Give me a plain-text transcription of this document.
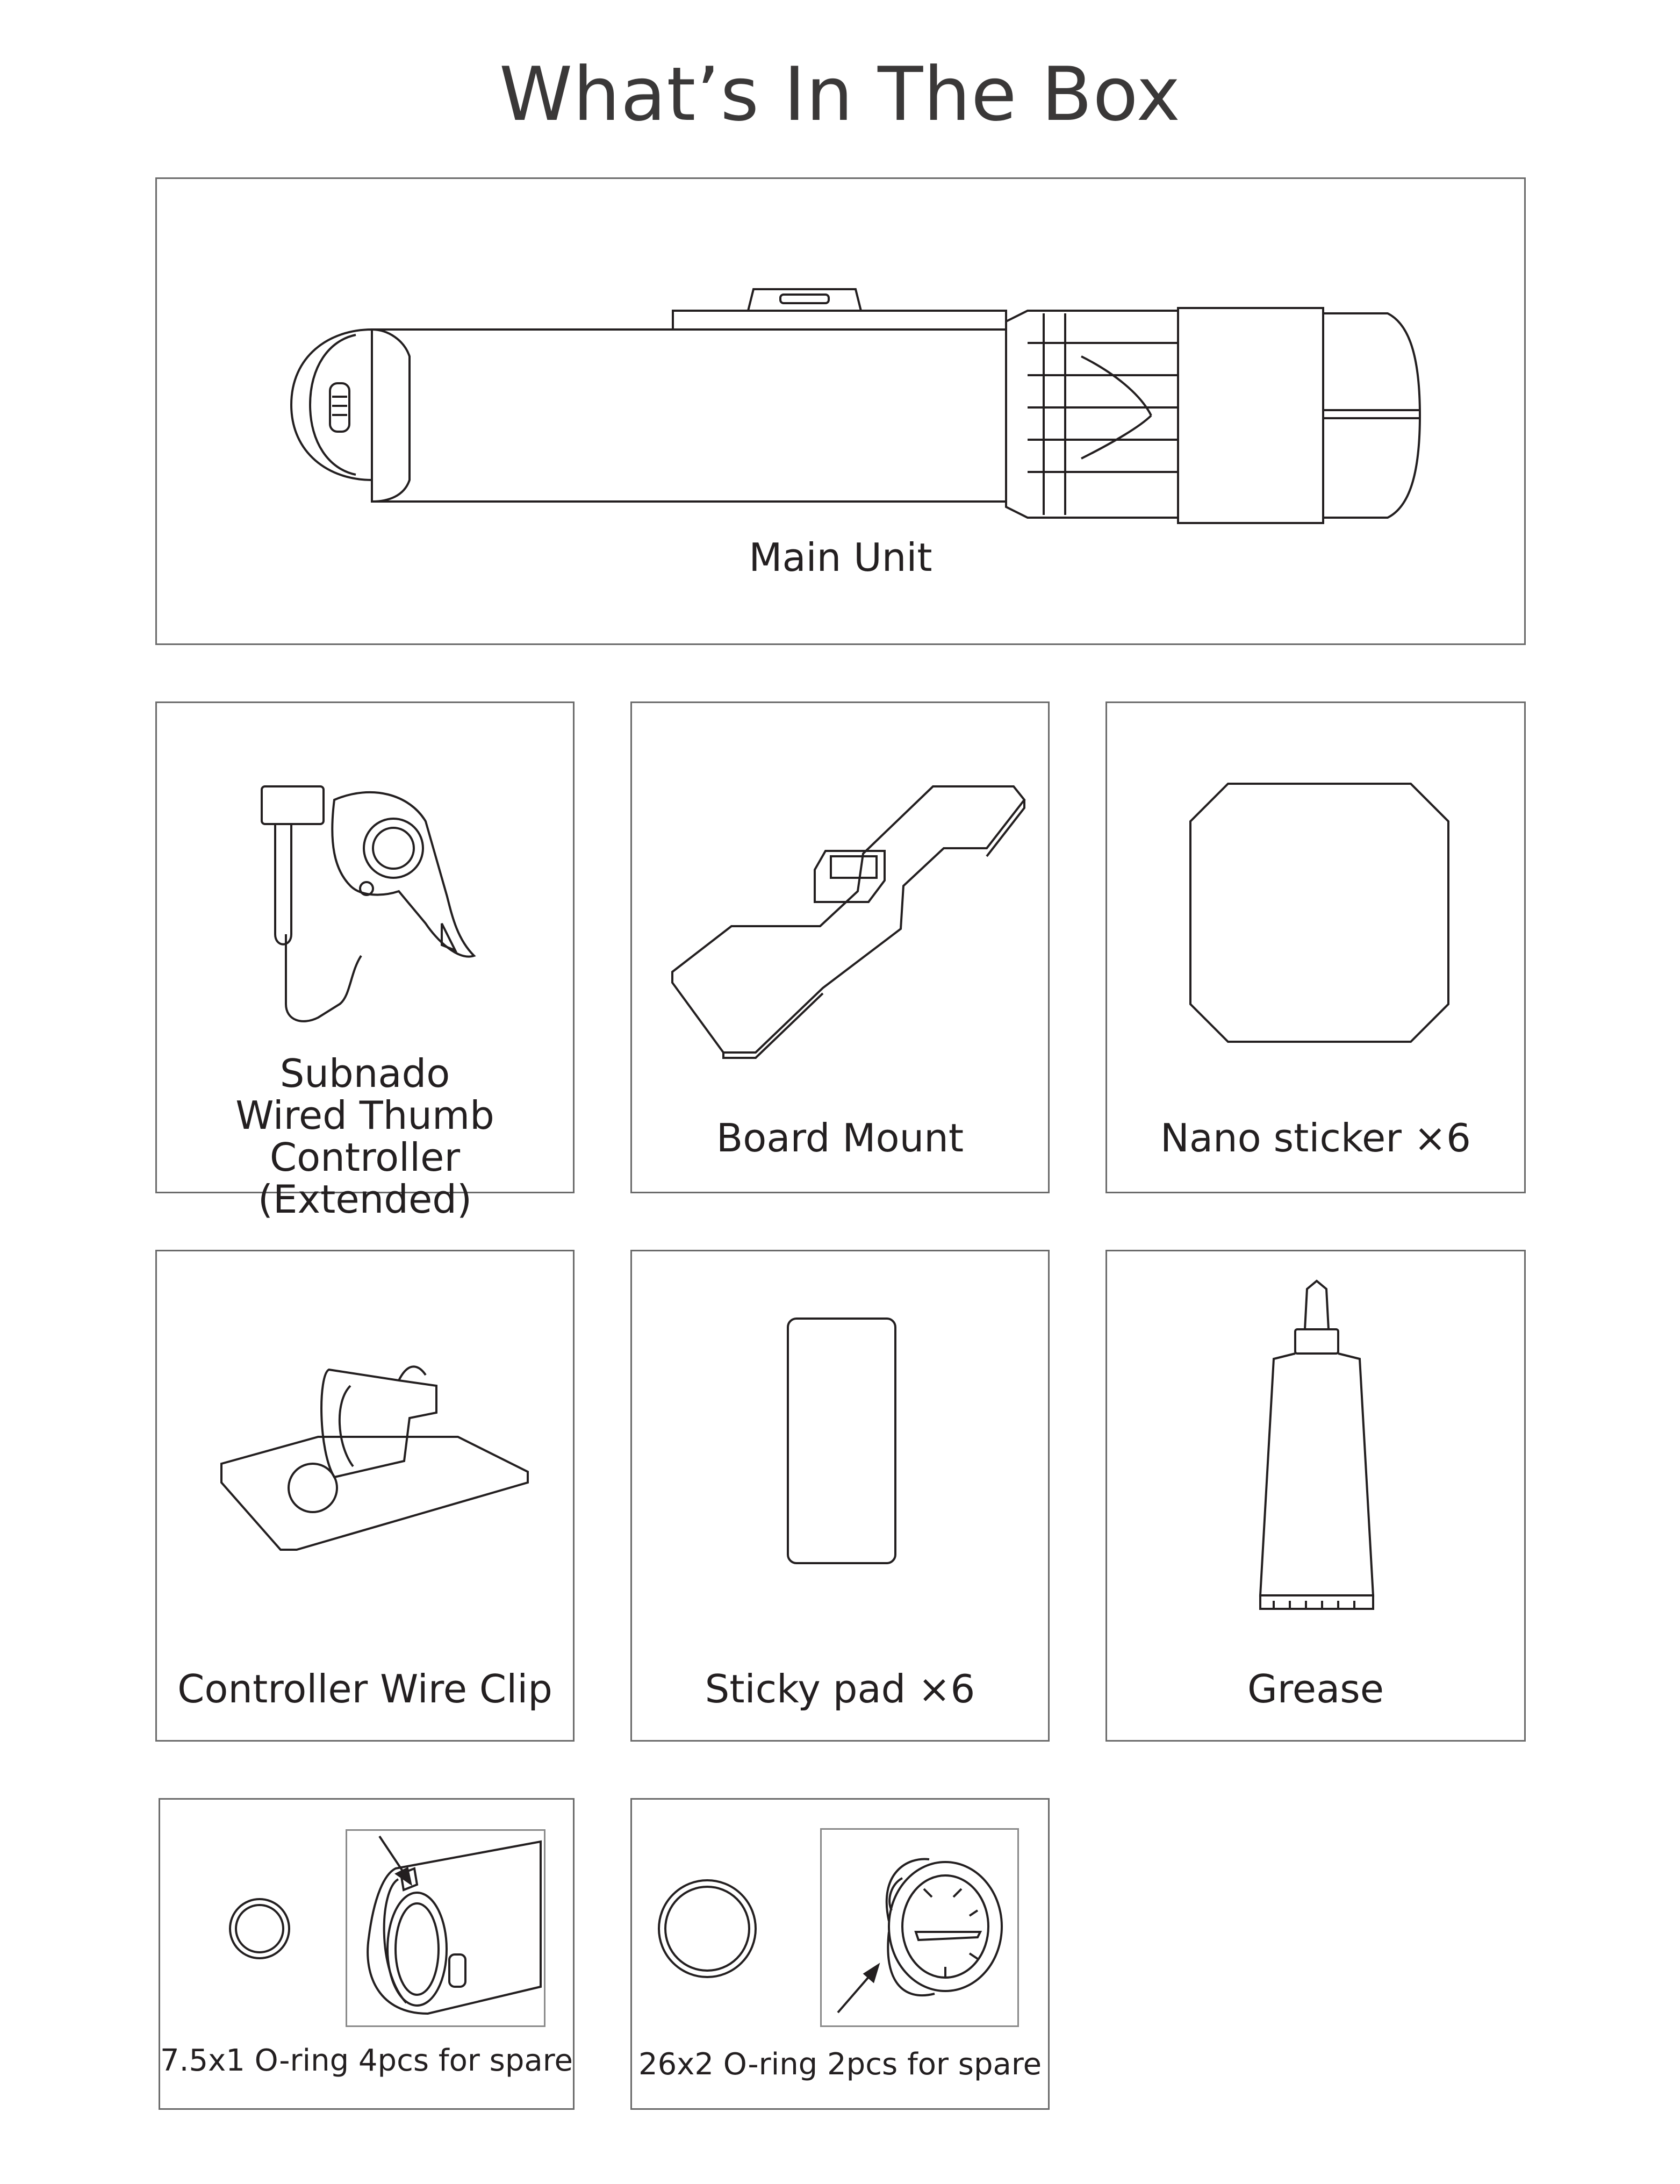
What’s In The Box
Main Unit
Subnado
Wired Thumb Controller
(Extended)
Board Mount	Nano sticker ×6
Controller Wire Clip	Sticky pad ×6	Grease
7.5x1 O-ring 4pcs for spare 26x2 O-ring 2pcs for spare
